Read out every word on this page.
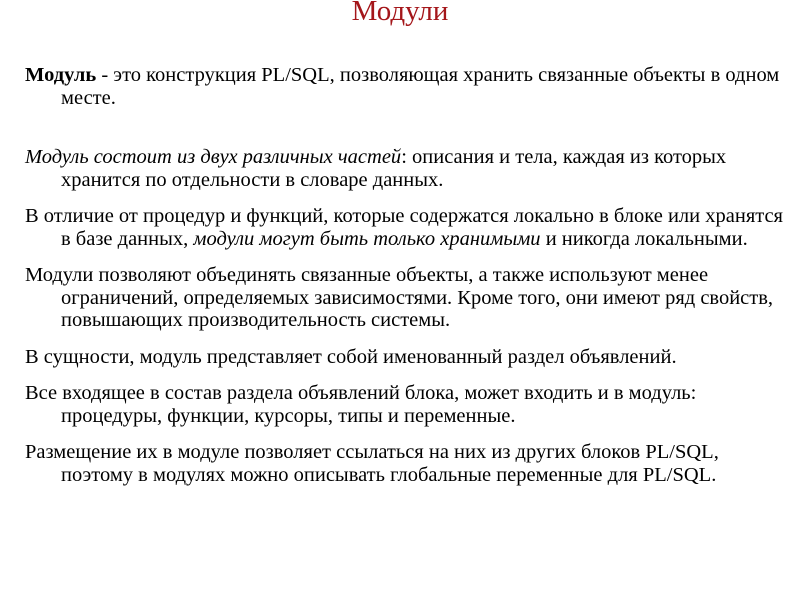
Модули

Модуль - это конструкция PL/SQL, позволяющая хранить связанные объекты в одном месте.

Модуль состоит из двух различных частей: описания и тела, каждая из которых хранится по отдельности в словаре данных.

В отличие от процедур и функций, которые содержатся локально в блоке или хранятся в базе данных, модули могут быть только хранимыми и никогда локальными.

Модули позволяют объединять связанные объекты, а также используют менее ограничений, определяемых зависимостями. Кроме того, они имеют ряд свойств, повышающих производительность системы.

В сущности, модуль представляет собой именованный раздел объявлений.

Все входящее в состав раздела объявлений блока, может входить и в модуль: процедуры, функции, курсоры, типы и переменные.

Размещение их в модуле позволяет ссылаться на них из других блоков PL/SQL, поэтому в модулях можно описывать глобальные переменные для PL/SQL.
